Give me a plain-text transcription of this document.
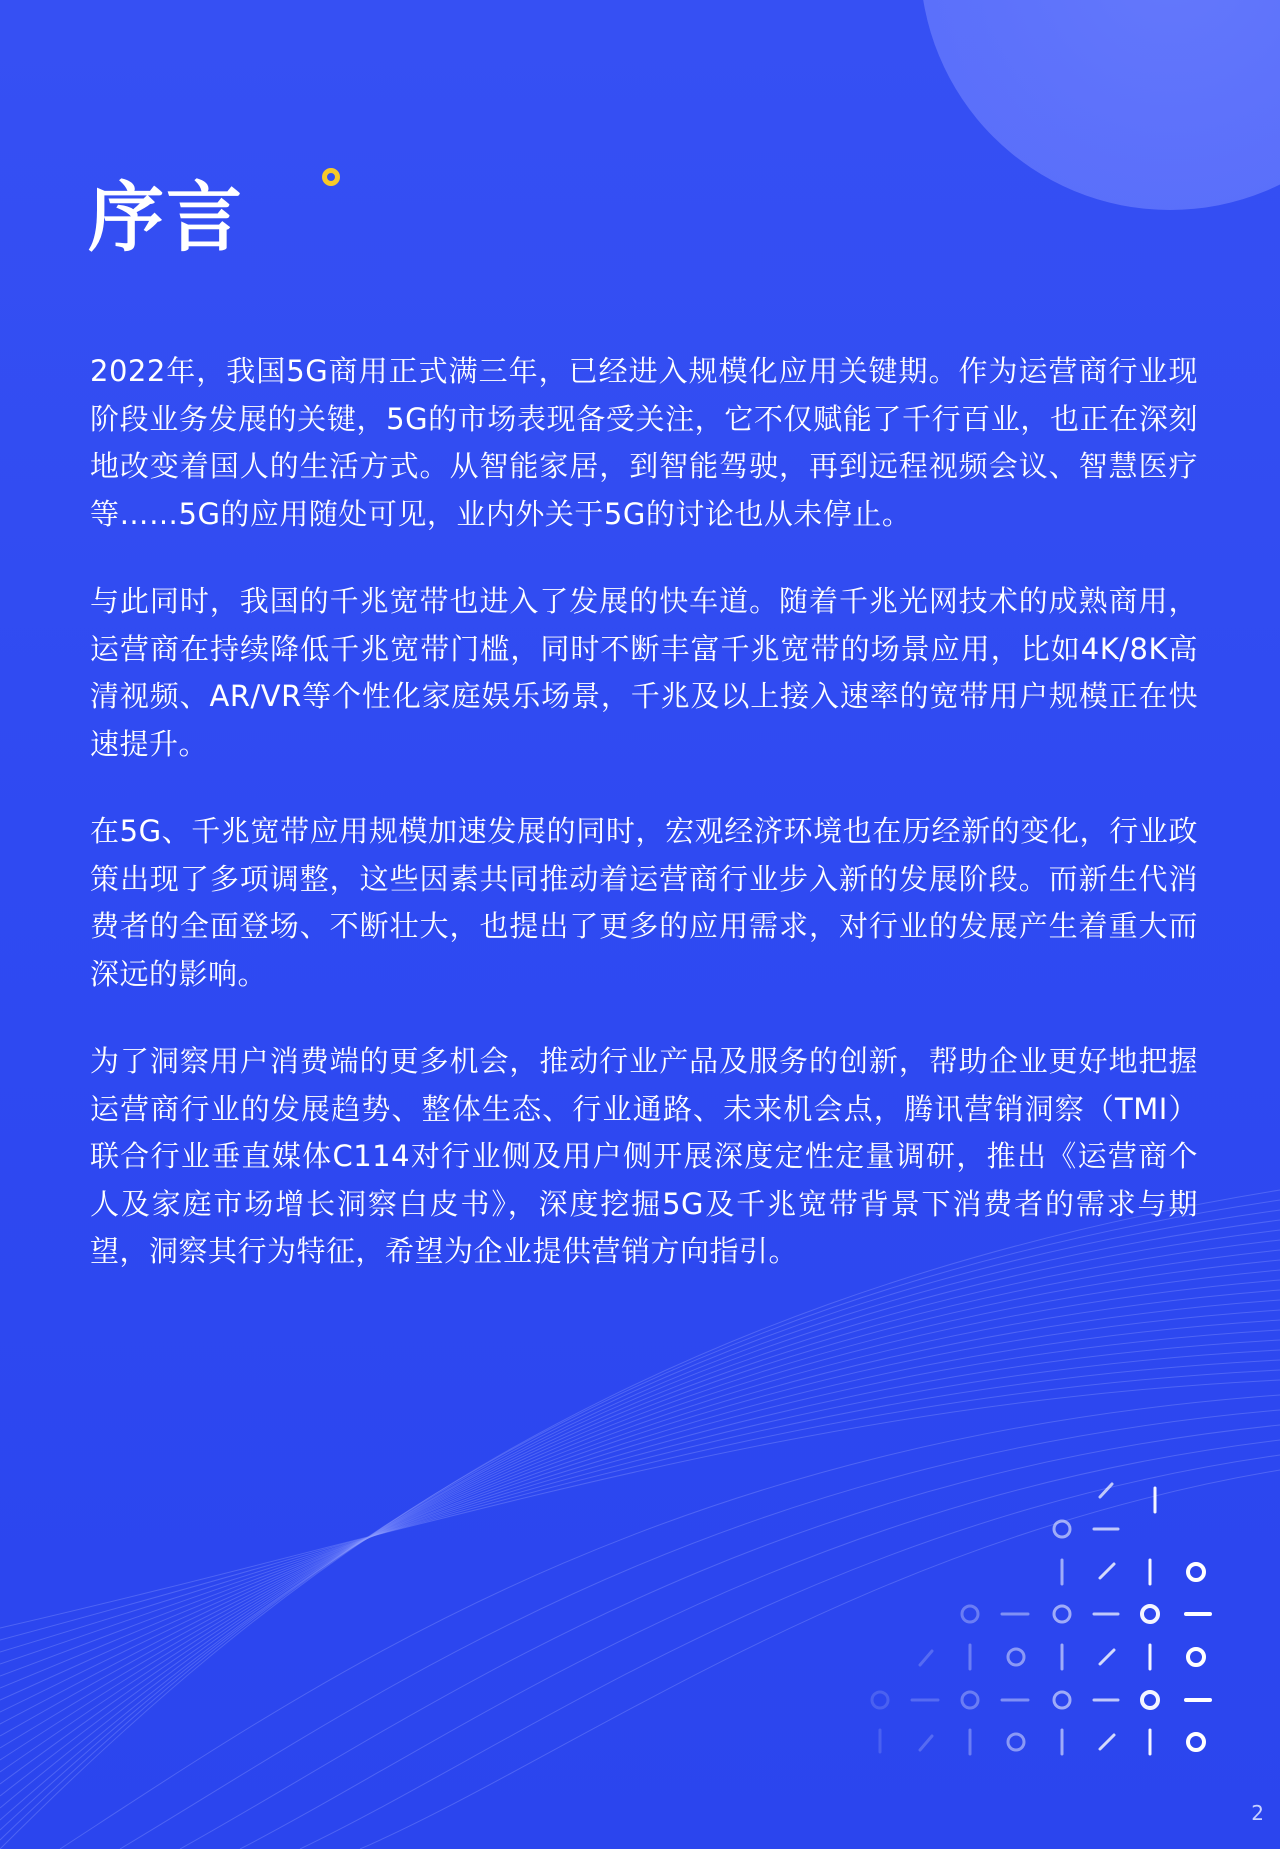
序言

2022年，我国5G商用正式满三年，已经进入规模化应用关键期。作为运营商行业现阶段业务发展的关键，5G的市场表现备受关注，它不仅赋能了千行百业，也正在深刻地改变着国人的生活方式。从智能家居，到智能驾驶，再到远程视频会议、智慧医疗等……5G的应用随处可见，业内外关于5G的讨论也从未停止。

与此同时，我国的千兆宽带也进入了发展的快车道。随着千兆光网技术的成熟商用，运营商在持续降低千兆宽带门槛，同时不断丰富千兆宽带的场景应用，比如4K/8K高清视频、AR/VR等个性化家庭娱乐场景，千兆及以上接入速率的宽带用户规模正在快速提升。

在5G、千兆宽带应用规模加速发展的同时，宏观经济环境也在历经新的变化，行业政策出现了多项调整，这些因素共同推动着运营商行业步入新的发展阶段。而新生代消费者的全面登场、不断壮大，也提出了更多的应用需求，对行业的发展产生着重大而深远的影响。

为了洞察用户消费端的更多机会，推动行业产品及服务的创新，帮助企业更好地把握运营商行业的发展趋势、整体生态、行业通路、未来机会点，腾讯营销洞察（TMI）联合行业垂直媒体C114对行业侧及用户侧开展深度定性定量调研，推出《运营商个人及家庭市场增长洞察白皮书》，深度挖掘5G及千兆宽带背景下消费者的需求与期望，洞察其行为特征，希望为企业提供营销方向指引。

2
